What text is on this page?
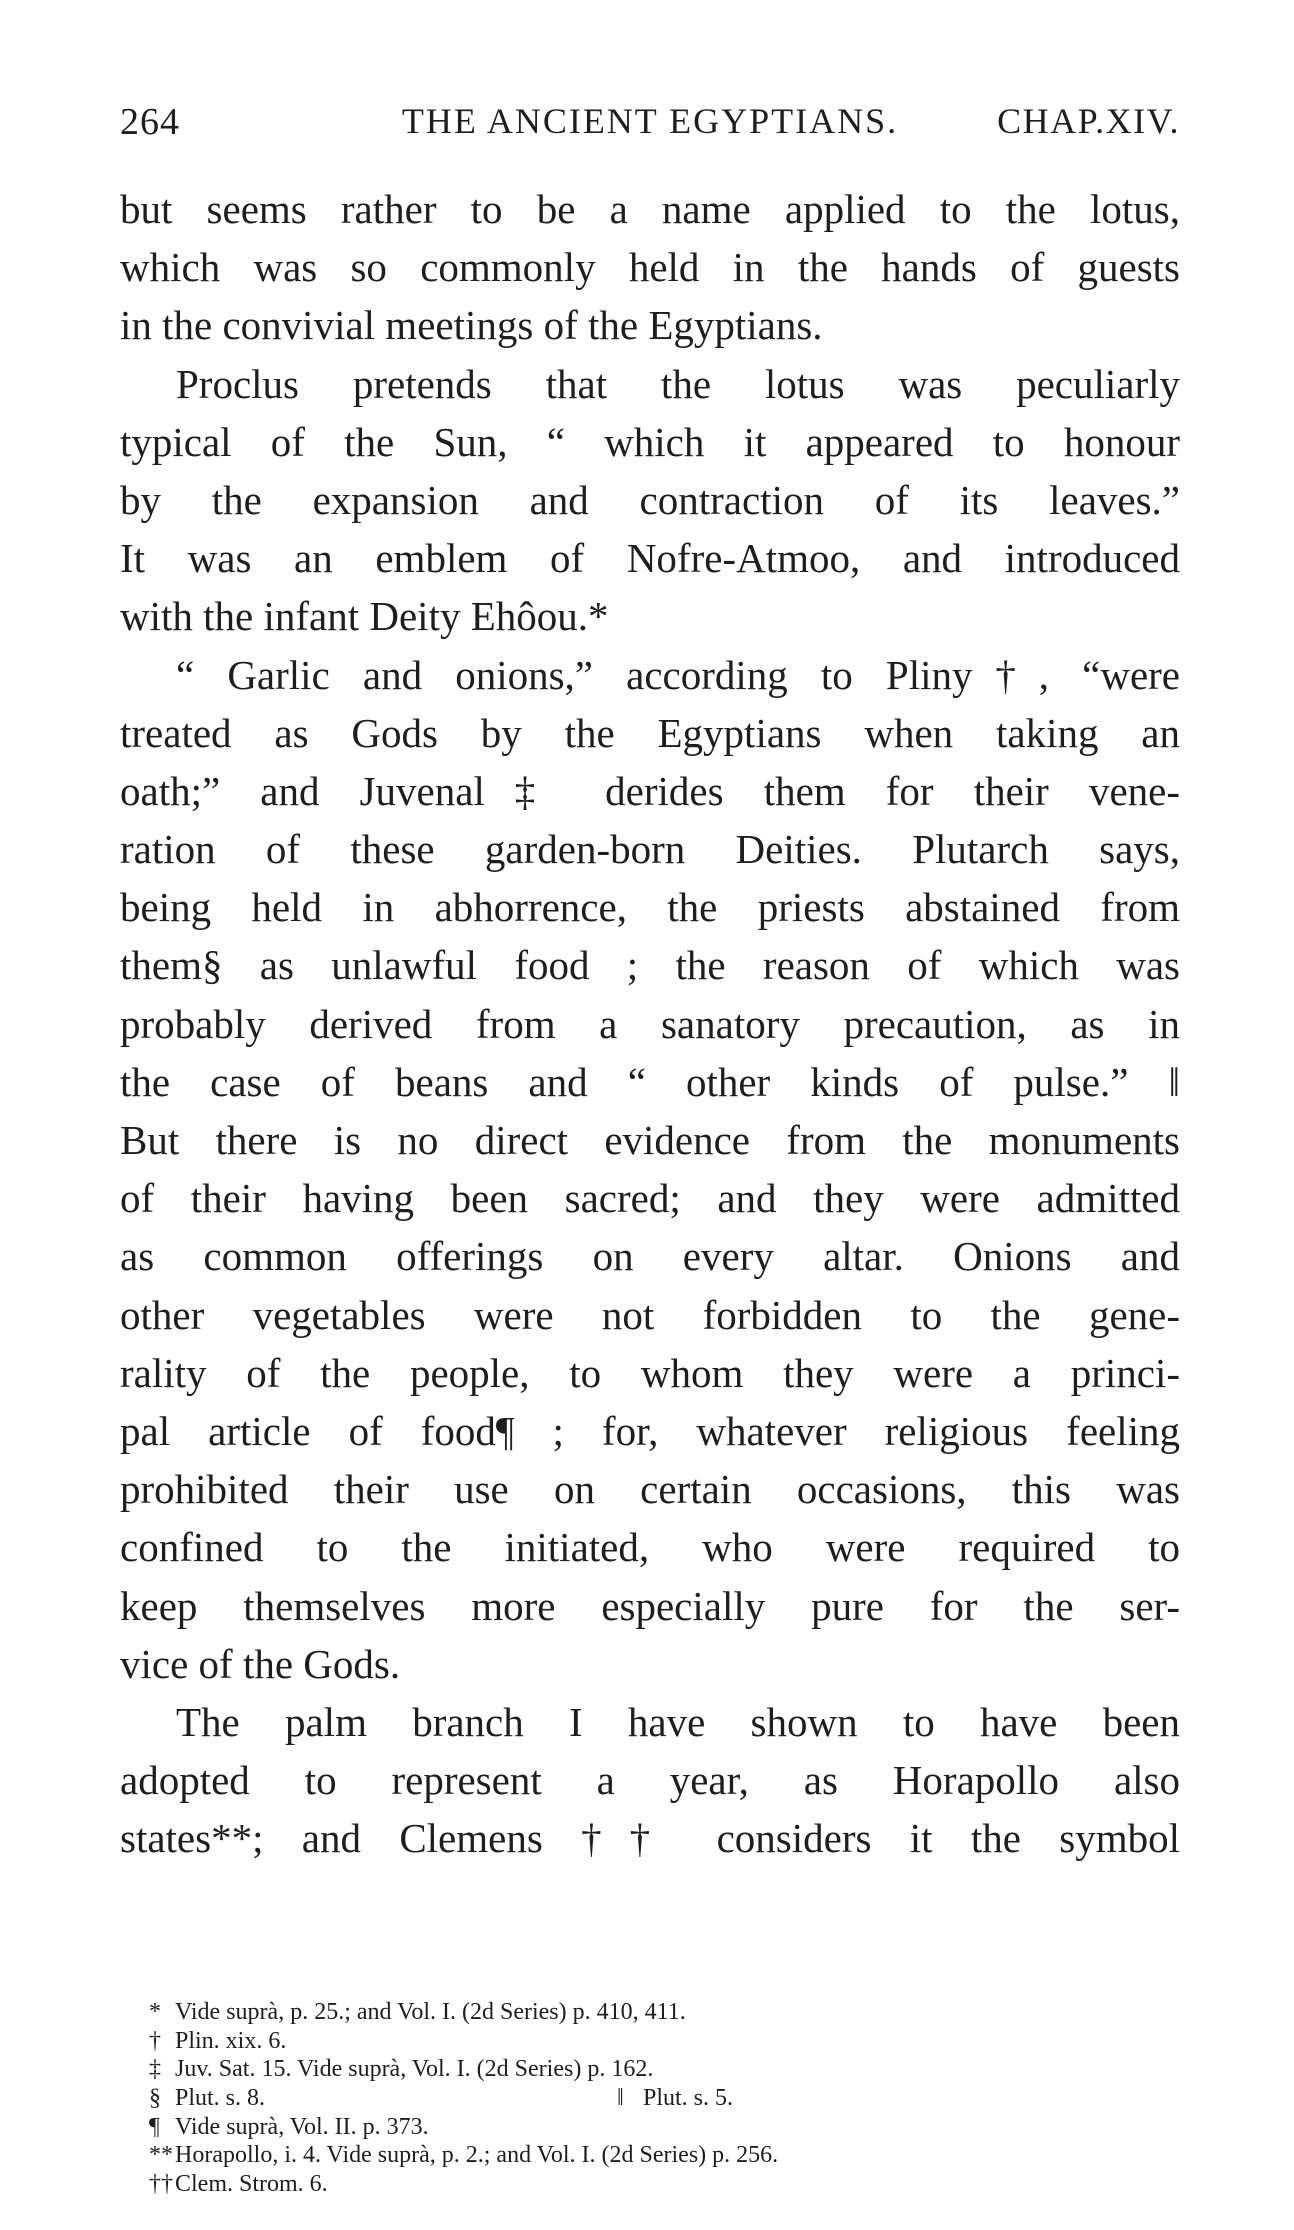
264	THE ANCIENT EGYPTIANS.	CHAP.XIV.
but seems rather to be a name applied to the lotus,
which was so commonly held in the hands of guests
in the convivial meetings of the Egyptians.
Proclus pretends that the lotus was peculiarly
typical of the Sun, “ which it appeared to honour
by the expansion and contraction of its leaves.”
It was an emblem of Nofre-Atmoo, and introduced
with the infant Deity Ehôou.*
“ Garlic and onions,” according to Pliny†, “were
treated as Gods by the Egyptians when taking an
oath;” and Juvenal‡ derides them for their vene-
ration of these garden-born Deities. Plutarch says,
being held in abhorrence, the priests abstained from
them§ as unlawful food ; the reason of which was
probably derived from a sanatory precaution, as in
the case of beans and “ other kinds of pulse.” ‖
But there is no direct evidence from the monuments
of their having been sacred; and they were admitted
as common offerings on every altar. Onions and
other vegetables were not forbidden to the gene-
rality of the people, to whom they were a princi-
pal article of food¶ ; for, whatever religious feeling
prohibited their use on certain occasions, this was
confined to the initiated, who were required to
keep themselves more especially pure for the ser-
vice of the Gods.
The palm branch I have shown to have been
adopted to represent a year, as Horapollo also
states**; and Clemens †† considers it the symbol
* Vide suprà, p. 25.; and Vol. I. (2d Series) p. 410, 411.
† Plin. xix. 6.
‡ Juv. Sat. 15. Vide suprà, Vol. I. (2d Series) p. 162.
§ Plut. s. 8.	‖ Plut. s. 5.
¶ Vide suprà, Vol. II. p. 373.
**Horapollo, i. 4. Vide suprà, p. 2.; and Vol. I. (2d Series) p. 256.
††Clem. Strom. 6.
